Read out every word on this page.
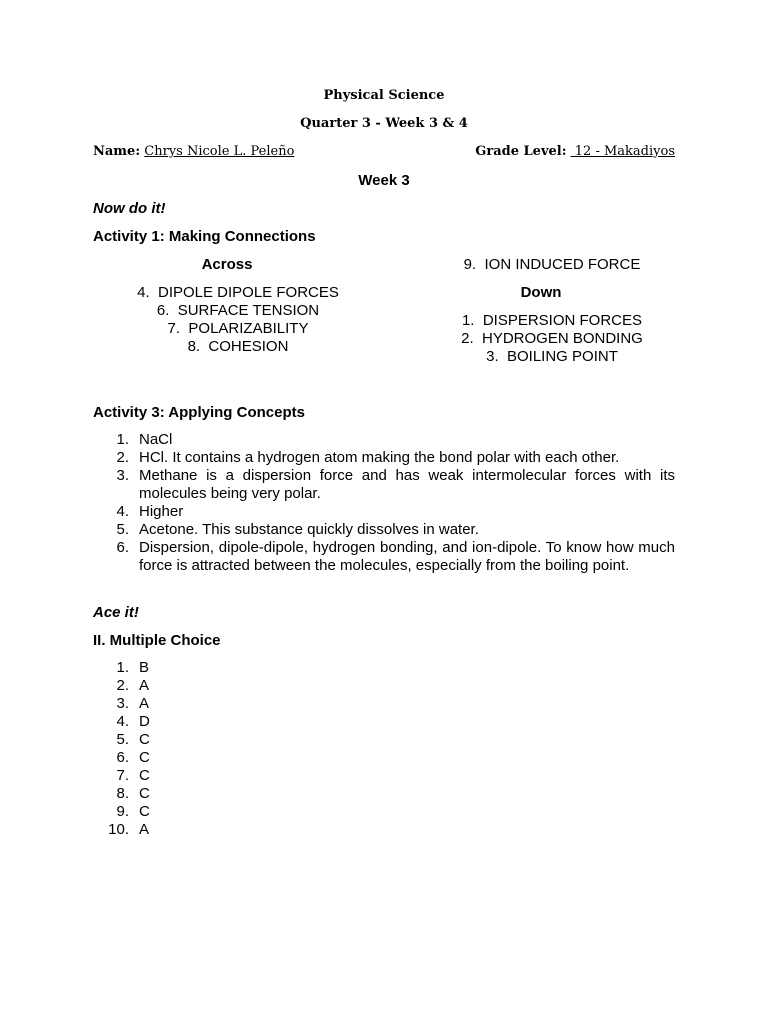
Physical Science
Quarter 3 - Week 3 & 4
Name: Chrys Nicole L. Peleño	Grade Level:  12 - Makadiyos
Week 3
Now do it!
Activity 1: Making Connections
Across
4. DIPOLE DIPOLE FORCES
6. SURFACE TENSION
7. POLARIZABILITY
8. COHESION
9. ION INDUCED FORCE
Down
1. DISPERSION FORCES
2. HYDROGEN BONDING
3. BOILING POINT
Activity 3: Applying Concepts
1. NaCl
2. HCl. It contains a hydrogen atom making the bond polar with each other.
3. Methane is a dispersion force and has weak intermolecular forces with its molecules being very polar.
4. Higher
5. Acetone. This substance quickly dissolves in water.
6. Dispersion, dipole-dipole, hydrogen bonding, and ion-dipole. To know how much force is attracted between the molecules, especially from the boiling point.
Ace it!
II. Multiple Choice
1. B
2. A
3. A
4. D
5. C
6. C
7. C
8. C
9. C
10. A
